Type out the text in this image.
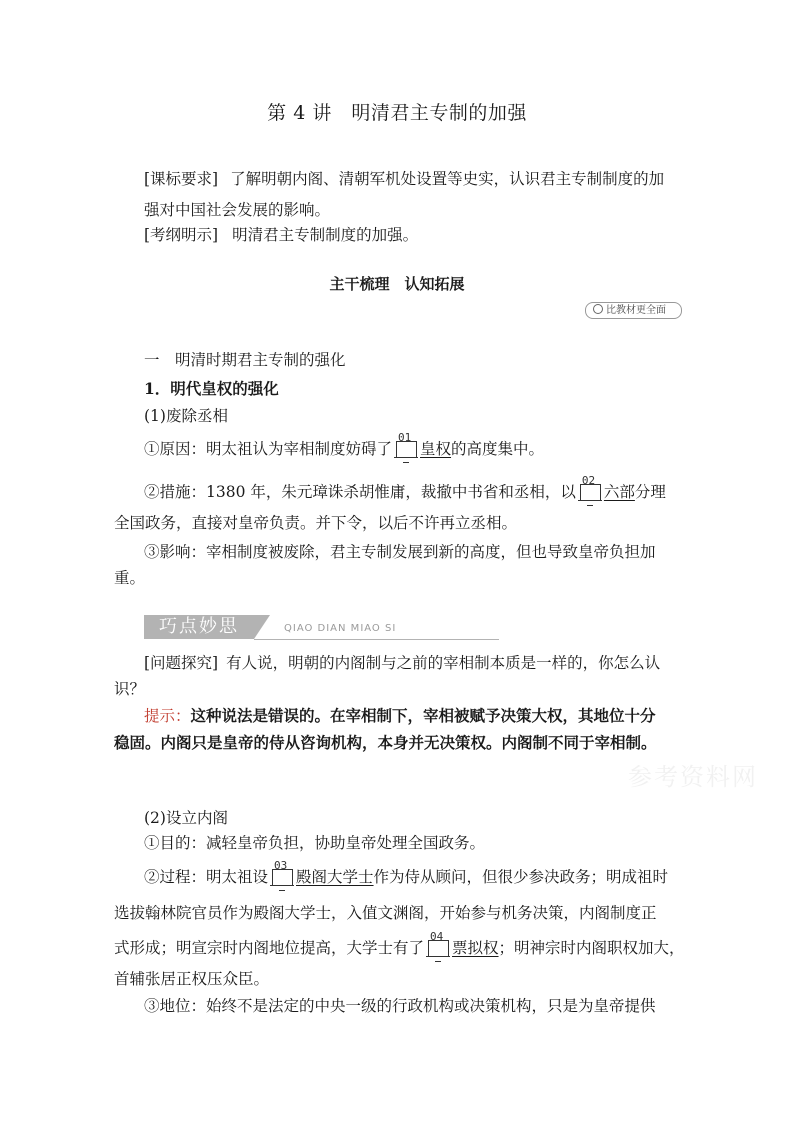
第 4 讲　明清君主专制的加强
[课标要求] 了解明朝内阁、清朝军机处设置等史实，认识君主专制制度的加
强对中国社会发展的影响。
[考纲明示] 明清君主专制制度的加强。
主干梳理　认知拓展
比教材更全面
一　明清时期君主专制的强化
1．明代皇权的强化
(1)废除丞相
①原因：明太祖认为宰相制度妨碍了
01
皇权的高度集中。
②措施：1380 年，朱元璋诛杀胡惟庸，裁撤中书省和丞相，以
02
六部分理
全国政务，直接对皇帝负责。并下令，以后不许再立丞相。
③影响：宰相制度被废除，君主专制发展到新的高度，但也导致皇帝负担加
重。
巧点妙思	QIAO DIAN MIAO SI
[问题探究] 有人说，明朝的内阁制与之前的宰相制本质是一样的，你怎么认
识？
提示：这种说法是错误的。在宰相制下，宰相被赋予决策大权，其地位十分
稳固。内阁只是皇帝的侍从咨询机构，本身并无决策权。内阁制不同于宰相制。
参考资料网
(2)设立内阁
①目的：减轻皇帝负担，协助皇帝处理全国政务。
②过程：明太祖设
03
殿阁大学士作为侍从顾问，但很少参决政务；明成祖时
选拔翰林院官员作为殿阁大学士，入值文渊阁，开始参与机务决策，内阁制度正
式形成；明宣宗时内阁地位提高，大学士有了
04
票拟权；明神宗时内阁职权加大，
首辅张居正权压众臣。
③地位：始终不是法定的中央一级的行政机构或决策机构，只是为皇帝提供
